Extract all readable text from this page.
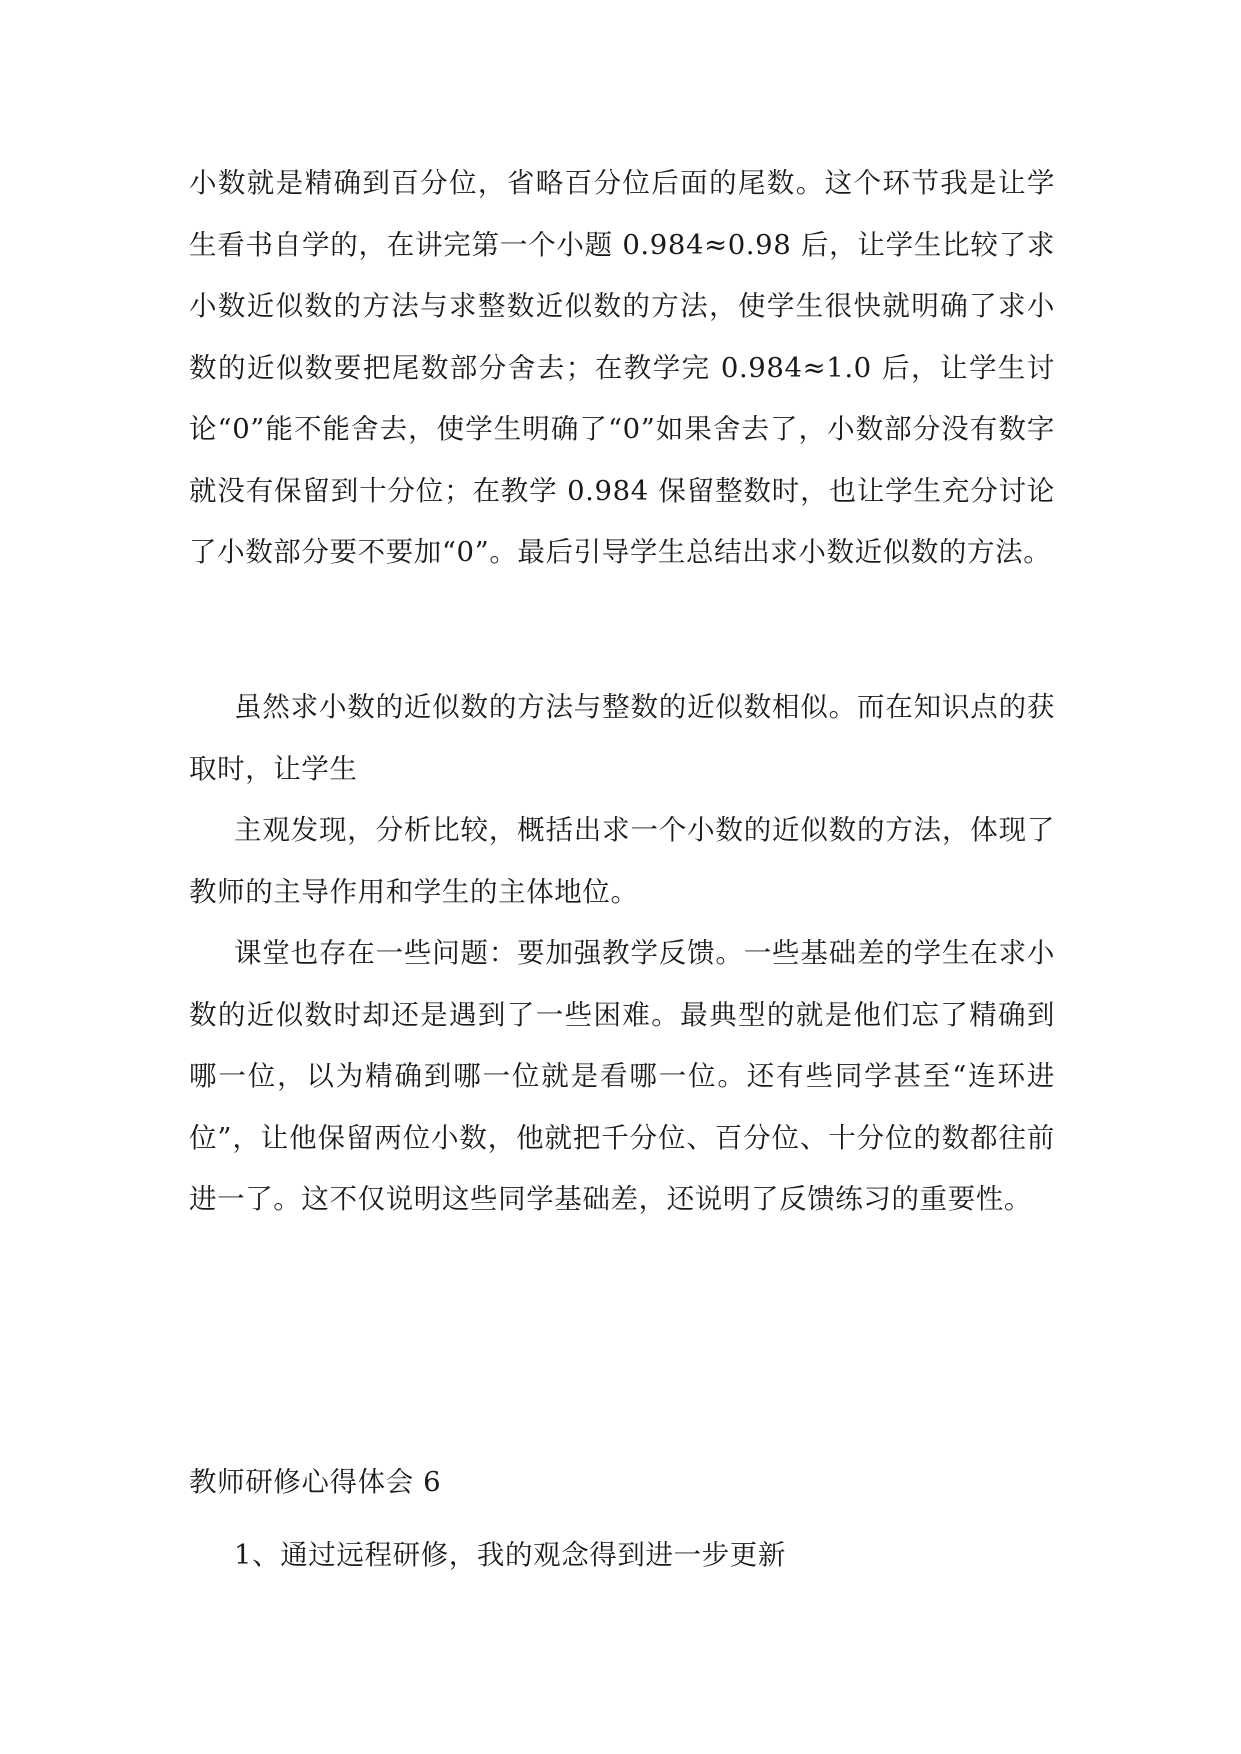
小数就是精确到百分位，省略百分位后面的尾数。这个环节我是让学生看书自学的，在讲完第一个小题 0.984≈0.98 后，让学生比较了求小数近似数的方法与求整数近似数的方法，使学生很快就明确了求小数的近似数要把尾数部分舍去；在教学完 0.984≈1.0 后，让学生讨论“0”能不能舍去，使学生明确了“0”如果舍去了，小数部分没有数字就没有保留到十分位；在教学 0.984 保留整数时，也让学生充分讨论了小数部分要不要加“0”。最后引导学生总结出求小数近似数的方法。

虽然求小数的近似数的方法与整数的近似数相似。而在知识点的获取时，让学生

主观发现，分析比较，概括出求一个小数的近似数的方法，体现了教师的主导作用和学生的主体地位。

课堂也存在一些问题：要加强教学反馈。一些基础差的学生在求小数的近似数时却还是遇到了一些困难。最典型的就是他们忘了精确到哪一位，以为精确到哪一位就是看哪一位。还有些同学甚至“连环进位”，让他保留两位小数，他就把千分位、百分位、十分位的数都往前进一了。这不仅说明这些同学基础差，还说明了反馈练习的重要性。

教师研修心得体会 6

1、通过远程研修，我的观念得到进一步更新
